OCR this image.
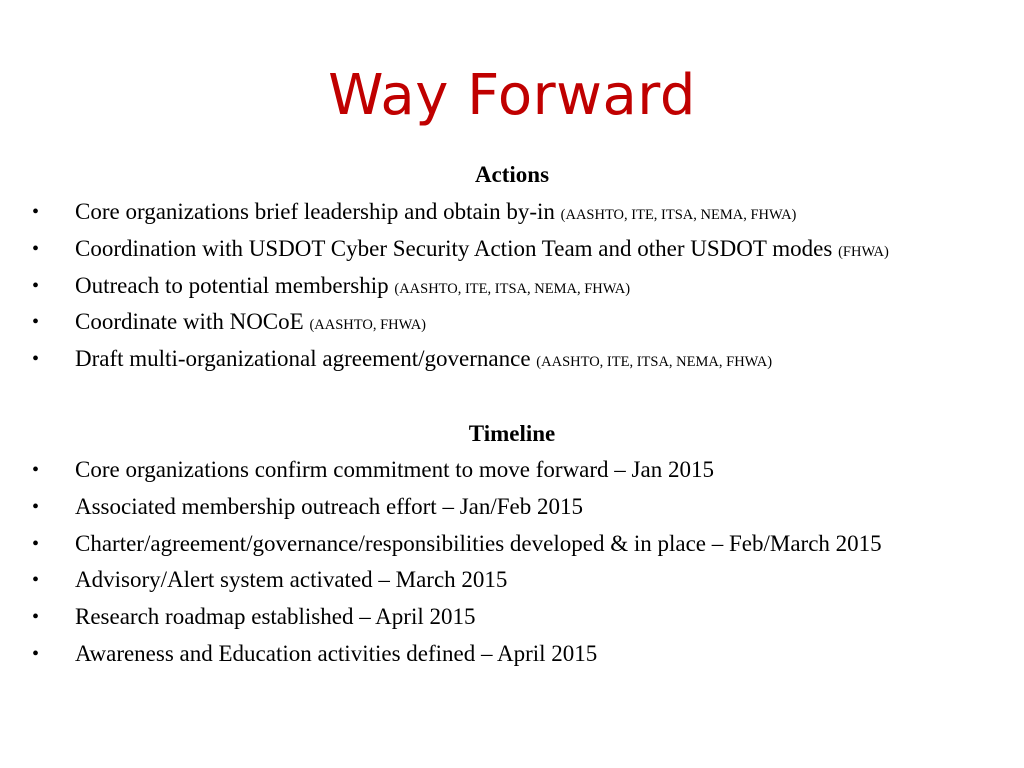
Way Forward
Actions
• Core organizations brief leadership and obtain by-in (AASHTO, ITE, ITSA, NEMA, FHWA)
• Coordination with USDOT Cyber Security Action Team and other USDOT modes (FHWA)
• Outreach to potential membership (AASHTO, ITE, ITSA, NEMA, FHWA)
• Coordinate with NOCoE (AASHTO, FHWA)
• Draft multi-organizational agreement/governance (AASHTO, ITE, ITSA, NEMA, FHWA)
Timeline
• Core organizations confirm commitment to move forward – Jan 2015
• Associated membership outreach effort – Jan/Feb 2015
• Charter/agreement/governance/responsibilities developed & in place – Feb/March 2015
• Advisory/Alert system activated – March 2015
• Research roadmap established – April 2015
• Awareness and Education activities defined – April 2015
